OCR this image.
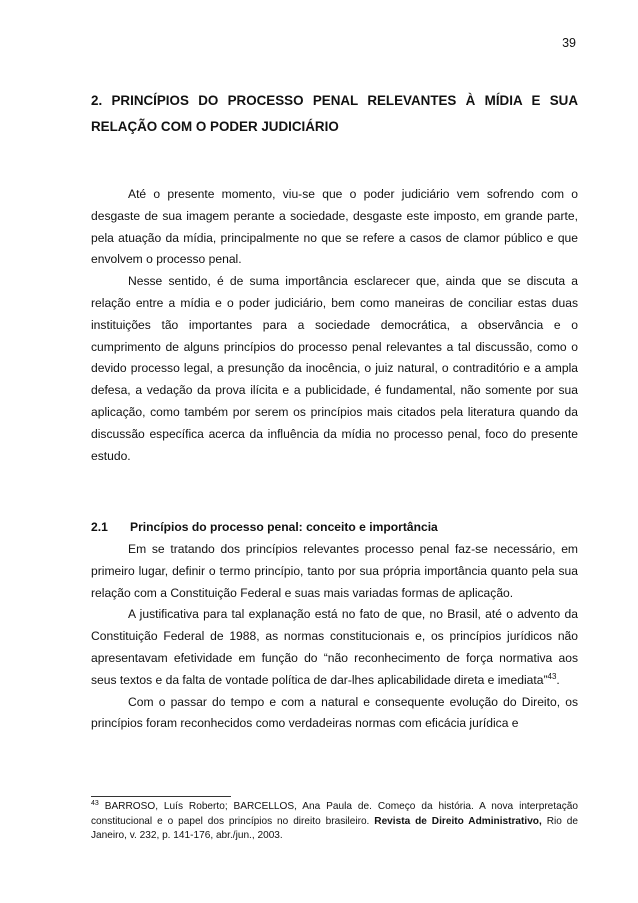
39
2. PRINCÍPIOS DO PROCESSO PENAL RELEVANTES À MÍDIA E SUA RELAÇÃO COM O PODER JUDICIÁRIO

Até o presente momento, viu-se que o poder judiciário vem sofrendo com o desgaste de sua imagem perante a sociedade, desgaste este imposto, em grande parte, pela atuação da mídia, principalmente no que se refere a casos de clamor público e que envolvem o processo penal.

Nesse sentido, é de suma importância esclarecer que, ainda que se discuta a relação entre a mídia e o poder judiciário, bem como maneiras de conciliar estas duas instituições tão importantes para a sociedade democrática, a observância e o cumprimento de alguns princípios do processo penal relevantes a tal discussão, como o devido processo legal, a presunção da inocência, o juiz natural, o contraditório e a ampla defesa, a vedação da prova ilícita e a publicidade, é fundamental, não somente por sua aplicação, como também por serem os princípios mais citados pela literatura quando da discussão específica acerca da influência da mídia no processo penal, foco do presente estudo.

2.1 Princípios do processo penal: conceito e importância

Em se tratando dos princípios relevantes processo penal faz-se necessário, em primeiro lugar, definir o termo princípio, tanto por sua própria importância quanto pela sua relação com a Constituição Federal e suas mais variadas formas de aplicação.

A justificativa para tal explanação está no fato de que, no Brasil, até o advento da Constituição Federal de 1988, as normas constitucionais e, os princípios jurídicos não apresentavam efetividade em função do “não reconhecimento de força normativa aos seus textos e da falta de vontade política de dar-lhes aplicabilidade direta e imediata”$^{43}$.

Com o passar do tempo e com a natural e consequente evolução do Direito, os princípios foram reconhecidos como verdadeiras normas com eficácia jurídica e

$^{43}$ BARROSO, Luís Roberto; BARCELLOS, Ana Paula de. Começo da história. A nova interpretação constitucional e o papel dos princípios no direito brasileiro. Revista de Direito Administrativo, Rio de Janeiro, v. 232, p. 141-176, abr./jun., 2003.
